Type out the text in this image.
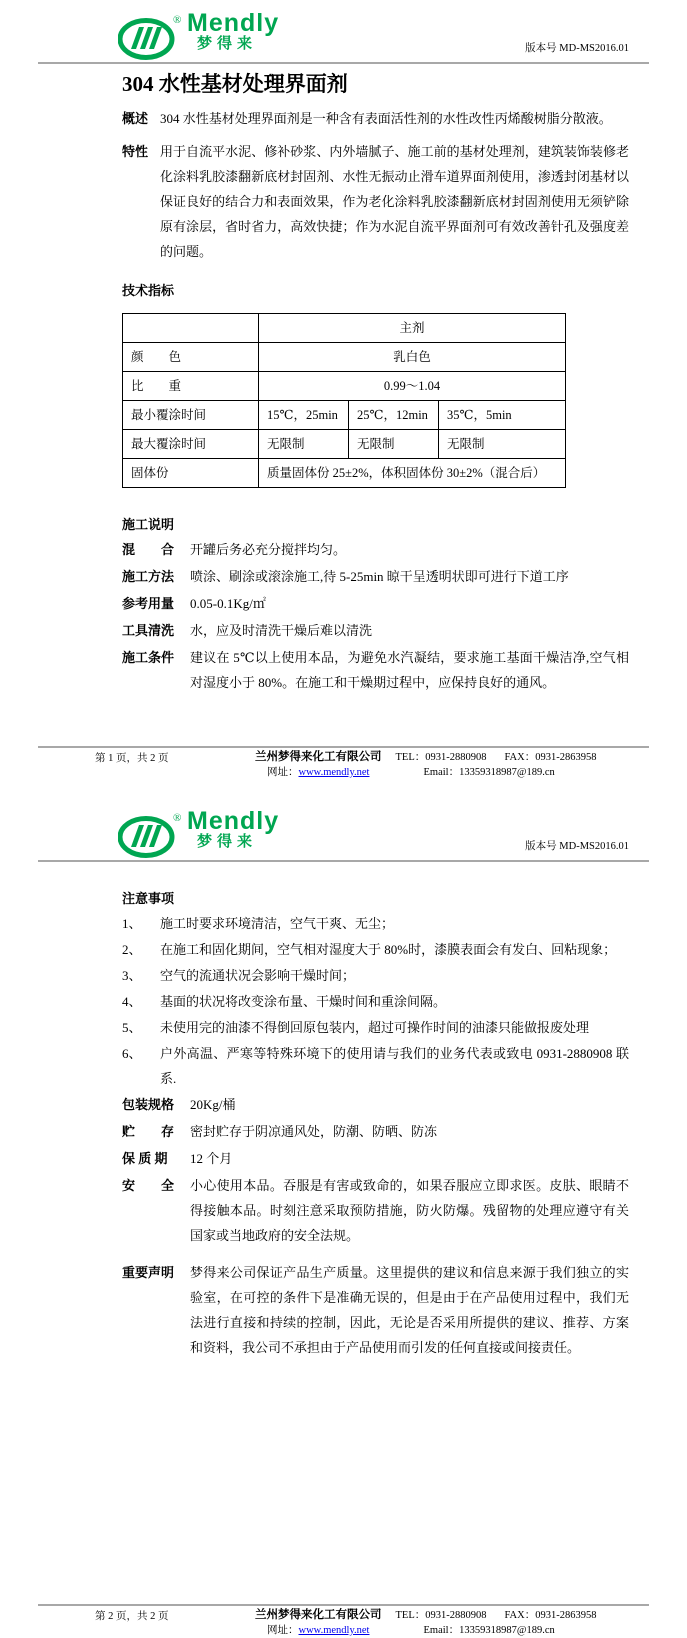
® Mendly
梦得来	版本号 MD-MS2016.01
304 水性基材处理界面剂
概述 304 水性基材处理界面剂是一种含有表面活性剂的水性改性丙烯酸树脂分散液。
特性 用于自流平水泥、修补砂浆、内外墙腻子、施工前的基材处理剂，建筑装饰装修老化涂料乳胶漆翻新底材封固剂、水性无振动止滑车道界面剂使用，渗透封闭基材以保证良好的结合力和表面效果，作为老化涂料乳胶漆翻新底材封固剂使用无须铲除原有涂层，省时省力，高效快捷；作为水泥自流平界面剂可有效改善针孔及强度差的问题。
技术指标
	主剂		
颜　　色	乳白色		
比　　重	0.99～1.04		
最小覆涂时间	15℃，25min	25℃，12min	35℃，5min
最大覆涂时间	无限制	无限制	无限制
固体份	质量固体份 25±2%，体积固体份 30±2%（混合后）		
施工说明
混　　合	开罐后务必充分搅拌均匀。
施工方法	喷涂、刷涂或滚涂施工,待 5-25min 晾干呈透明状即可进行下道工序
参考用量	0.05-0.1Kg/㎡
工具清洗	水，应及时清洗干燥后难以清洗
施工条件	建议在 5℃以上使用本品，为避免水汽凝结，要求施工基面干燥洁净,空气相对湿度小于 80%。在施工和干燥期过程中，应保持良好的通风。
第 1 页，共 2 页	兰州梦得来化工有限公司
网址：www.mendly.net
TEL：0931-2880908 FAX：0931-2863958
Email：13359318987@189.cn
® Mendly
梦得来	版本号 MD-MS2016.01
注意事项
1、	施工时要求环境清洁，空气干爽、无尘；
2、	在施工和固化期间，空气相对湿度大于 80%时，漆膜表面会有发白、回粘现象；
3、	空气的流通状况会影响干燥时间；
4、	基面的状况将改变涂布量、干燥时间和重涂间隔。
5、	未使用完的油漆不得倒回原包装内，超过可操作时间的油漆只能做报废处理
6、	户外高温、严寒等特殊环境下的使用请与我们的业务代表或致电 0931-2880908 联系.
包装规格	20Kg/桶
贮　　存	密封贮存于阴凉通风处，防潮、防晒、防冻
保 质 期	12 个月
安　　全	小心使用本品。吞服是有害或致命的，如果吞服应立即求医。皮肤、眼睛不得接触本品。时刻注意采取预防措施，防火防爆。残留物的处理应遵守有关国家或当地政府的安全法规。
重要声明	梦得来公司保证产品生产质量。这里提供的建议和信息来源于我们独立的实验室，在可控的条件下是准确无误的，但是由于在产品使用过程中，我们无法进行直接和持续的控制，因此，无论是否采用所提供的建议、推荐、方案和资料，我公司不承担由于产品使用而引发的任何直接或间接责任。
第 2 页，共 2 页	兰州梦得来化工有限公司
网址：www.mendly.net
TEL：0931-2880908 FAX：0931-2863958
Email：13359318987@189.cn
